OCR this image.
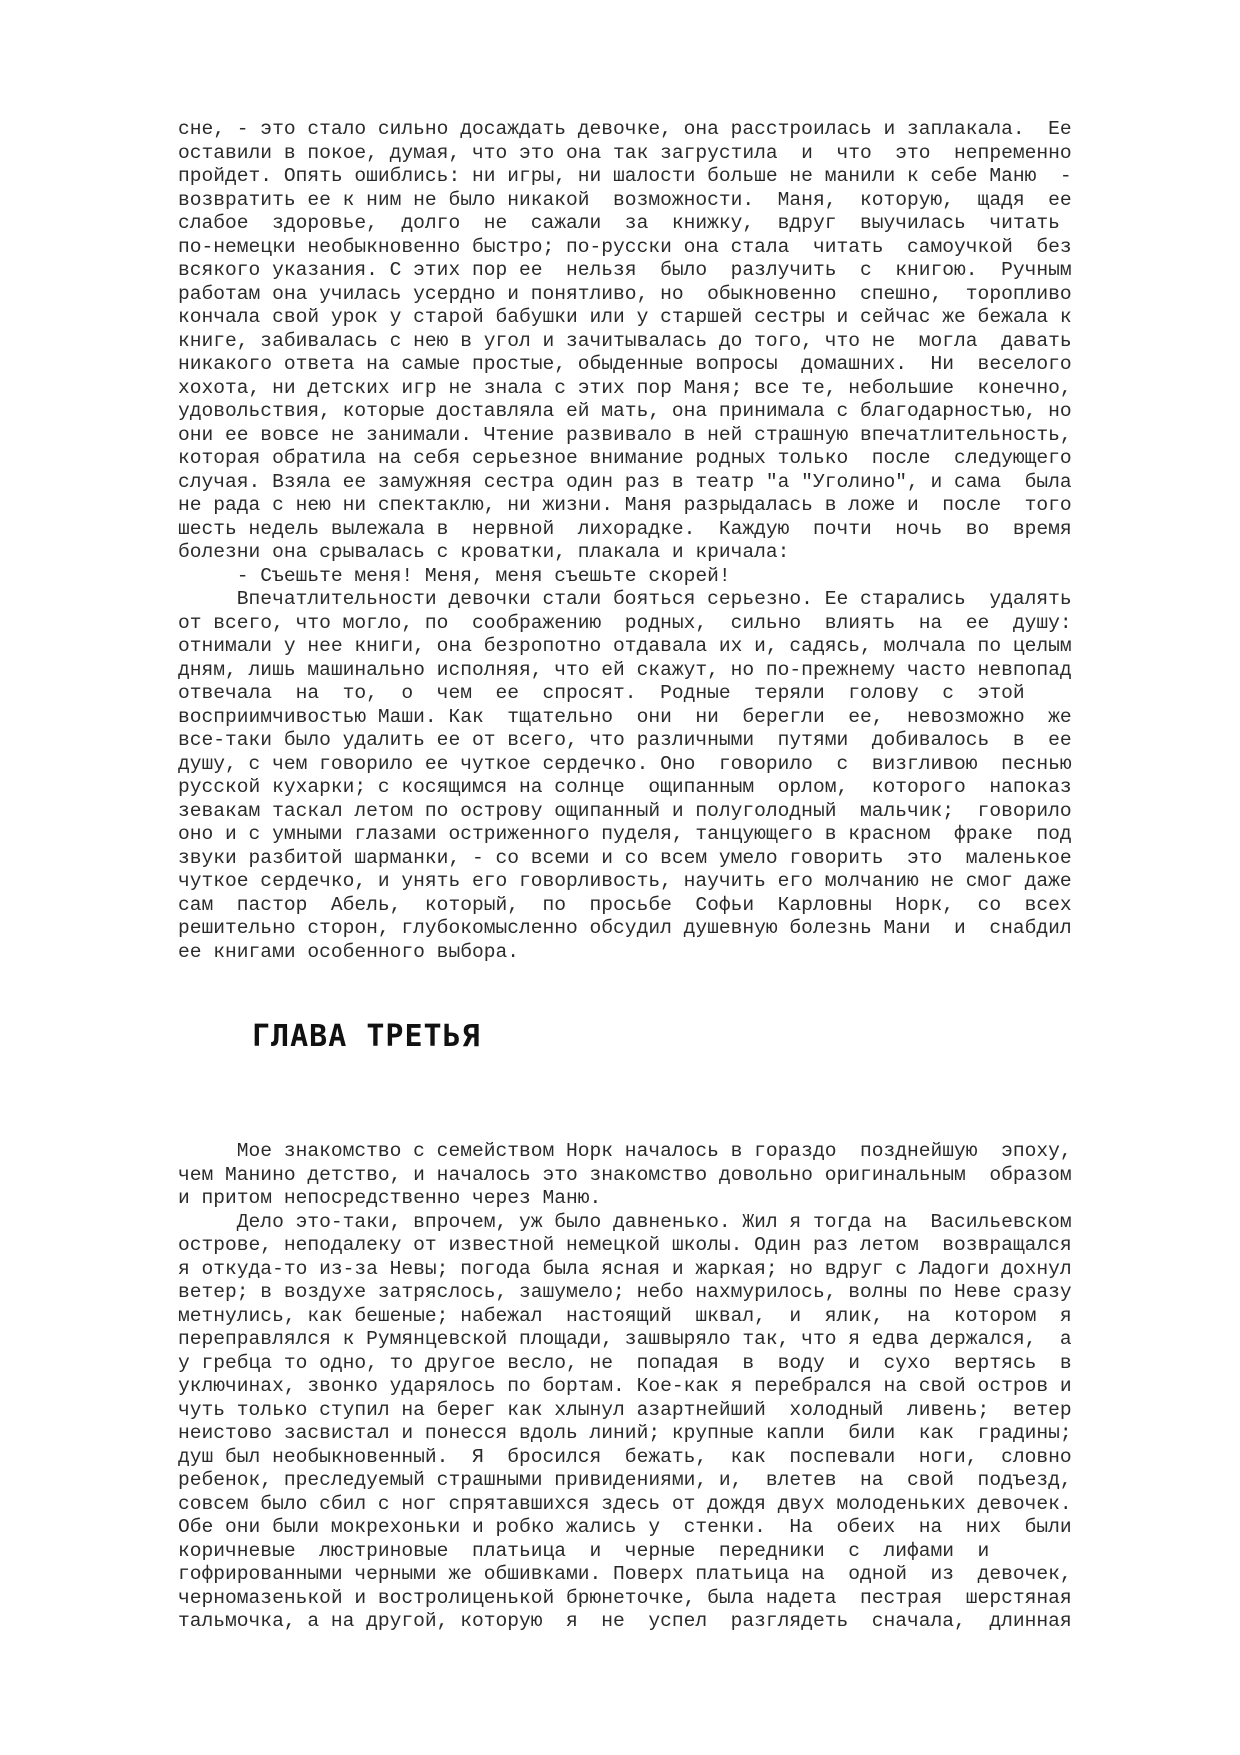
сне, - это стало сильно досаждать девочке, она расстроилась и заплакала.  Ее
оставили в покое, думая, что это она так загрустила  и  что  это  непременно
пройдет. Опять ошиблись: ни игры, ни шалости больше не манили к себе Маню  -
возвратить ее к ним не было никакой  возможности.  Маня,  которую,  щадя  ее
слабое  здоровье,  долго  не  сажали  за  книжку,  вдруг  выучилась  читать
по-немецки необыкновенно быстро; по-русски она стала  читать  самоучкой  без
всякого указания. С этих пор ее  нельзя  было  разлучить  с  книгою.  Ручным
работам она училась усердно и понятливо, но  обыкновенно  спешно,  торопливо
кончала свой урок у старой бабушки или у старшей сестры и сейчас же бежала к
книге, забивалась с нею в угол и зачитывалась до того, что не  могла  давать
никакого ответа на самые простые, обыденные вопросы  домашних.  Ни  веселого
хохота, ни детских игр не знала с этих пор Маня; все те, небольшие  конечно,
удовольствия, которые доставляла ей мать, она принимала с благодарностью, но
они ее вовсе не занимали. Чтение развивало в ней страшную впечатлительность,
которая обратила на себя серьезное внимание родных только  после  следующего
случая. Взяла ее замужняя сестра один раз в театр "а "Уголино", и сама  была
не рада с нею ни спектаклю, ни жизни. Маня разрыдалась в ложе и  после  того
шесть недель вылежала в  нервной  лихорадке.  Каждую  почти  ночь  во  время
болезни она срывалась с кроватки, плакала и кричала:
- Съешьте меня! Меня, меня съешьте скорей!
Впечатлительности девочки стали бояться серьезно. Ее старались  удалять
от всего, что могло, по  соображению  родных,  сильно  влиять  на  ее  душу:
отнимали у нее книги, она безропотно отдавала их и, садясь, молчала по целым
дням, лишь машинально исполняя, что ей скажут, но по-прежнему часто невпопад
отвечала  на  то,  о  чем  ее  спросят.  Родные  теряли  голову  с  этой
восприимчивостью Маши. Как  тщательно  они  ни  берегли  ее,  невозможно  же
все-таки было удалить ее от всего, что различными  путями  добивалось  в  ее
душу, с чем говорило ее чуткое сердечко. Оно  говорило  с  визгливою  песнью
русской кухарки; с косящимся на солнце  ощипанным  орлом,  которого  напоказ
зевакам таскал летом по острову ощипанный и полуголодный  мальчик;  говорило
оно и с умными глазами остриженного пуделя, танцующего в красном  фраке  под
звуки разбитой шарманки, - со всеми и со всем умело говорить  это  маленькое
чуткое сердечко, и унять его говорливость, научить его молчанию не смог даже
сам  пастор  Абель,  который,  по  просьбе  Софьи  Карловны  Норк,  со  всех
решительно сторон, глубокомысленно обсудил душевную болезнь Мани  и  снабдил
ее книгами особенного выбора.
ГЛАВА ТРЕТЬЯ
Мое знакомство с семейством Норк началось в гораздо  позднейшую  эпоху,
чем Манино детство, и началось это знакомство довольно оригинальным  образом
и притом непосредственно через Маню.
Дело это-таки, впрочем, уж было давненько. Жил я тогда на  Васильевском
острове, неподалеку от известной немецкой школы. Один раз летом  возвращался
я откуда-то из-за Невы; погода была ясная и жаркая; но вдруг с Ладоги дохнул
ветер; в воздухе затряслось, зашумело; небо нахмурилось, волны по Неве сразу
метнулись, как бешеные; набежал  настоящий  шквал,  и  ялик,  на  котором  я
переправлялся к Румянцевской площади, зашвыряло так, что я едва держался,  а
у гребца то одно, то другое весло, не  попадая  в  воду  и  сухо  вертясь  в
уключинах, звонко ударялось по бортам. Кое-как я перебрался на свой остров и
чуть только ступил на берег как хлынул азартнейший  холодный  ливень;  ветер
неистово засвистал и понесся вдоль линий; крупные капли  били  как  градины;
душ был необыкновенный.  Я  бросился  бежать,  как  поспевали  ноги,  словно
ребенок, преследуемый страшными привидениями, и,  влетев  на  свой  подъезд,
совсем было сбил с ног спрятавшихся здесь от дождя двух молоденьких девочек.
Обе они были мокрехоньки и робко жались у  стенки.  На  обеих  на  них  были
коричневые  люстриновые  платьица  и  черные  передники  с  лифами  и
гофрированными черными же обшивками. Поверх платьица на  одной  из  девочек,
черномазенькой и востролиценькой брюнеточке, была надета  пестрая  шерстяная
тальмочка, а на другой, которую  я  не  успел  разглядеть  сначала,  длинная
